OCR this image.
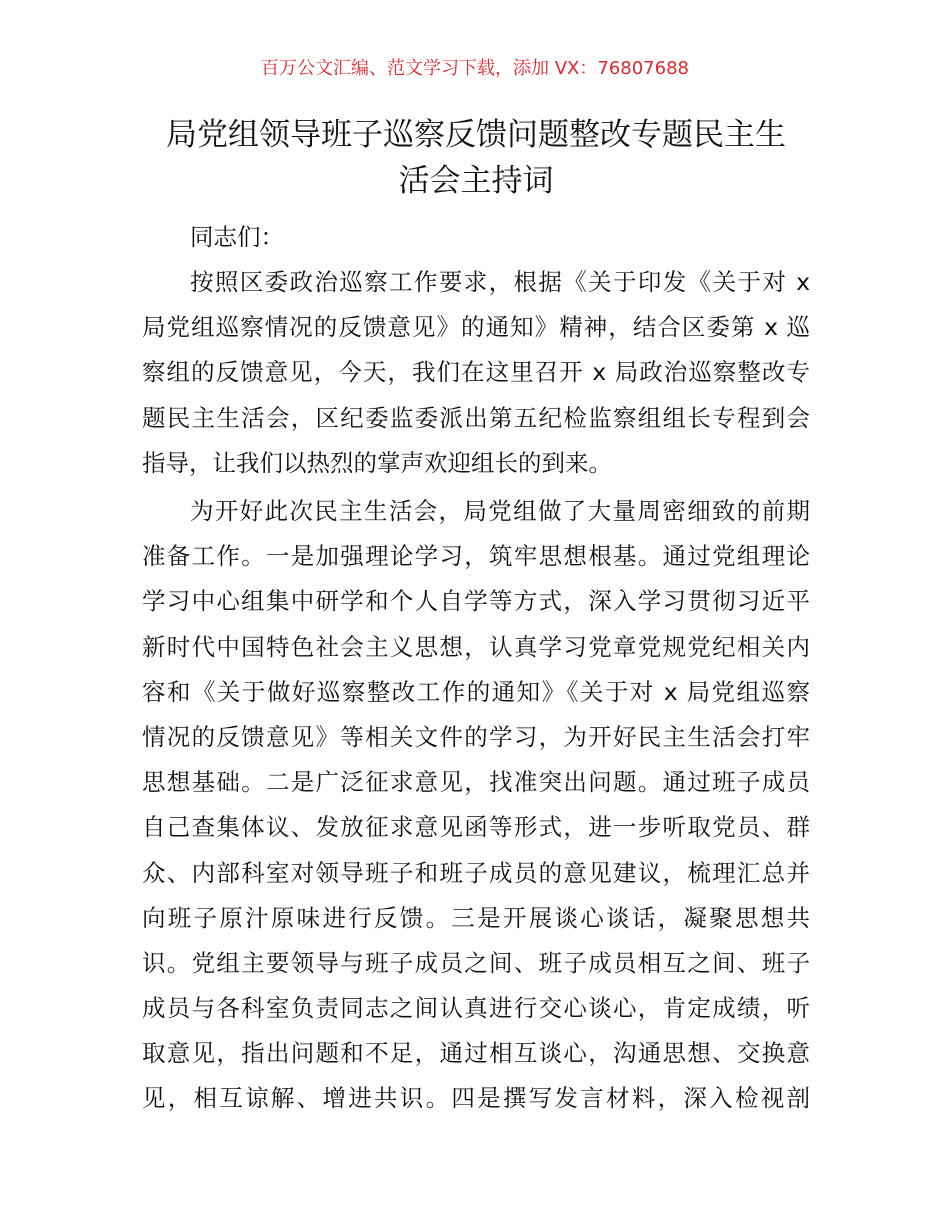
百万公文汇编、范文学习下载，添加 VX：76807688
局党组领导班子巡察反馈问题整改专题民主生
活会主持词
同志们：
按照区委政治巡察工作要求，根据《关于印发《关于对 x
局党组巡察情况的反馈意见》的通知》精神，结合区委第 x 巡
察组的反馈意见，今天，我们在这里召开 x 局政治巡察整改专
题民主生活会，区纪委监委派出第五纪检监察组组长专程到会
指导，让我们以热烈的掌声欢迎组长的到来。
为开好此次民主生活会，局党组做了大量周密细致的前期
准备工作。一是加强理论学习，筑牢思想根基。通过党组理论
学习中心组集中研学和个人自学等方式，深入学习贯彻习近平
新时代中国特色社会主义思想，认真学习党章党规党纪相关内
容和《关于做好巡察整改工作的通知》《关于对 x 局党组巡察
情况的反馈意见》等相关文件的学习，为开好民主生活会打牢
思想基础。二是广泛征求意见，找准突出问题。通过班子成员
自己查集体议、发放征求意见函等形式，进一步听取党员、群
众、内部科室对领导班子和班子成员的意见建议，梳理汇总并
向班子原汁原味进行反馈。三是开展谈心谈话，凝聚思想共
识。党组主要领导与班子成员之间、班子成员相互之间、班子
成员与各科室负责同志之间认真进行交心谈心，肯定成绩，听
取意见，指出问题和不足，通过相互谈心，沟通思想、交换意
见，相互谅解、增进共识。四是撰写发言材料，深入检视剖
